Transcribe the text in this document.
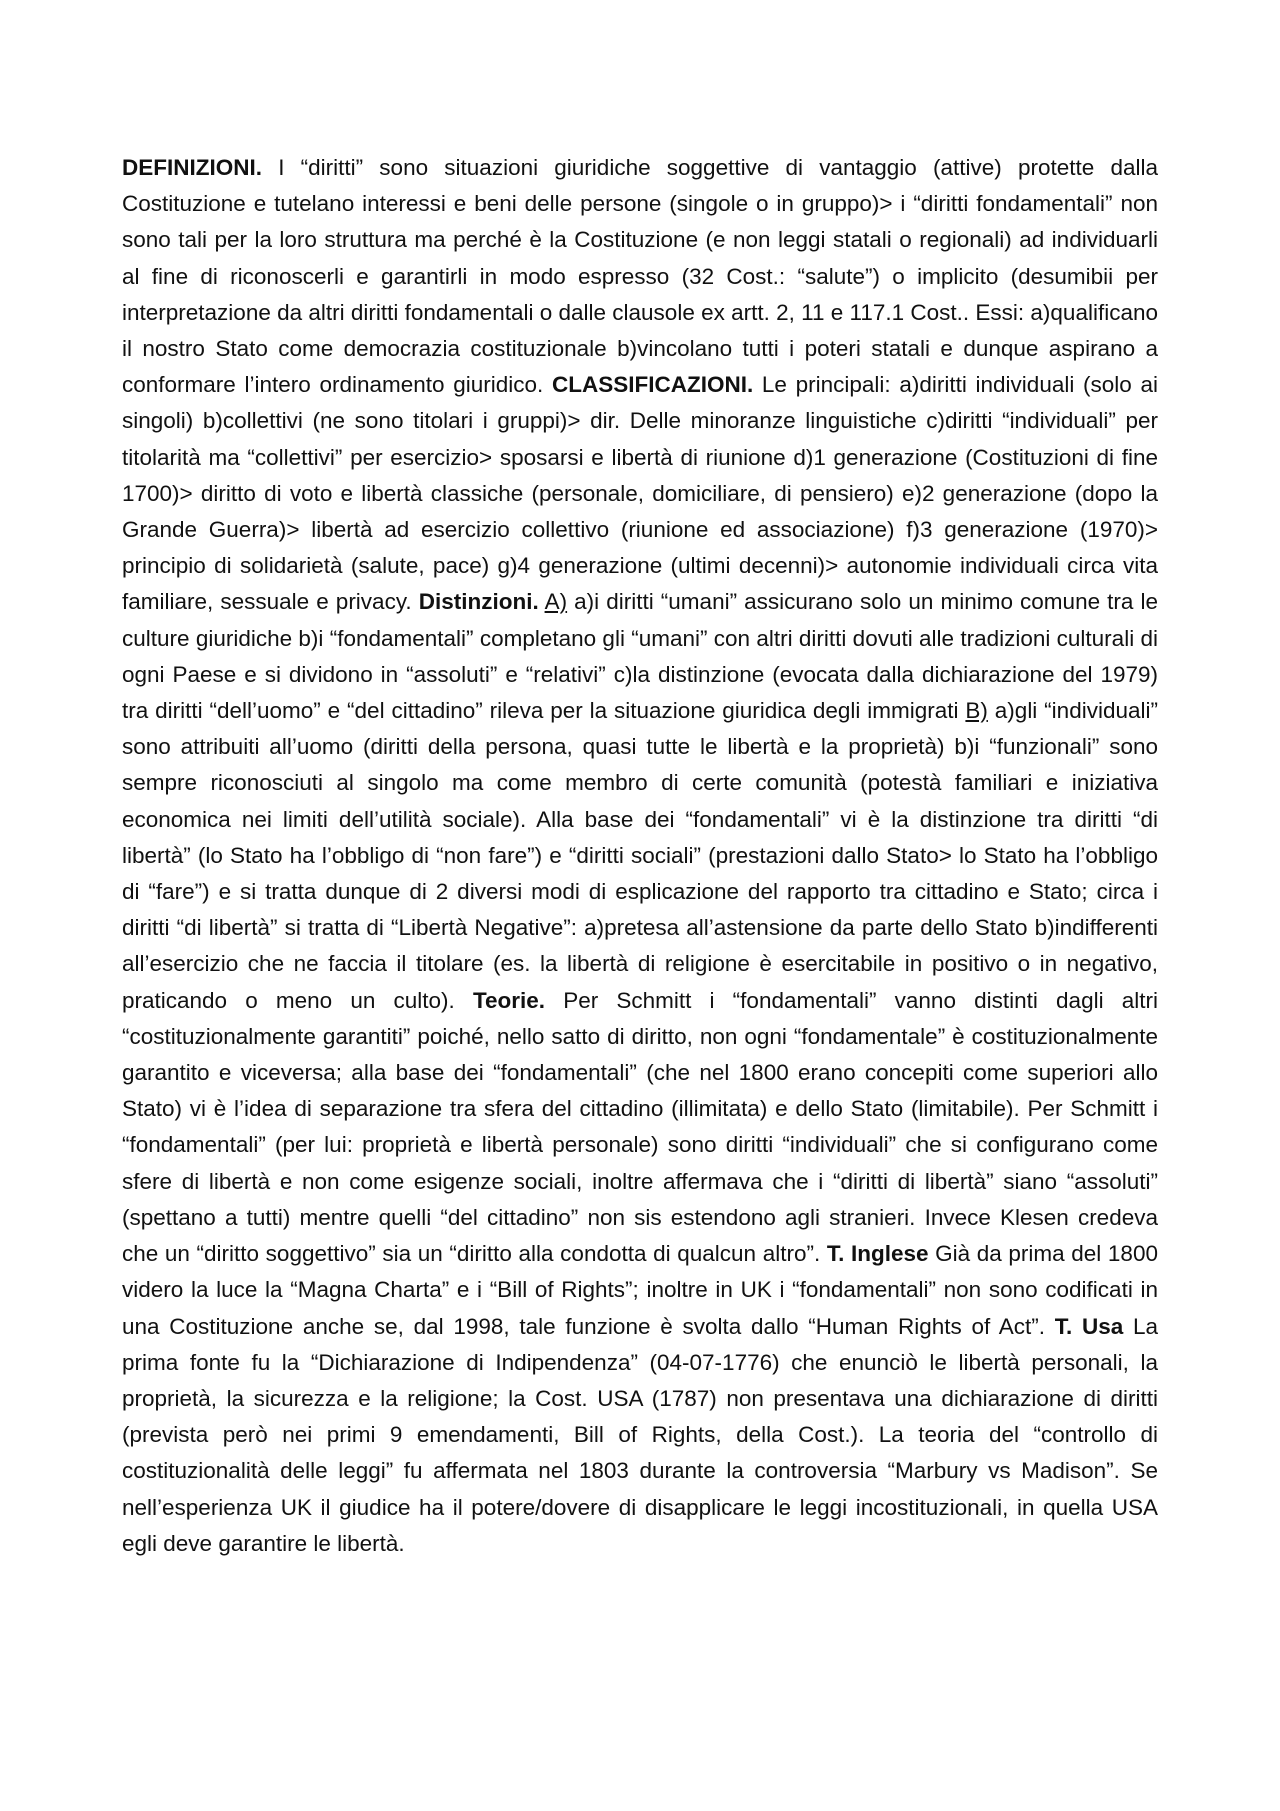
DEFINIZIONI. I “diritti” sono situazioni giuridiche soggettive di vantaggio (attive) protette dalla Costituzione e tutelano interessi e beni delle persone (singole o in gruppo)> i “diritti fondamentali” non sono tali per la loro struttura ma perché è la Costituzione (e non leggi statali o regionali) ad individuarli al fine di riconoscerli e garantirli in modo espresso (32 Cost.: “salute”) o implicito (desumibii per interpretazione da altri diritti fondamentali o dalle clausole ex artt. 2, 11 e 117.1 Cost.. Essi: a)qualificano il nostro Stato come democrazia costituzionale b)vincolano tutti i poteri statali e dunque aspirano a conformare l’intero ordinamento giuridico. CLASSIFICAZIONI. Le principali: a)diritti individuali (solo ai singoli) b)collettivi (ne sono titolari i gruppi)> dir. Delle minoranze linguistiche c)diritti “individuali” per titolarità ma “collettivi” per esercizio> sposarsi e libertà di riunione d)1 generazione (Costituzioni di fine 1700)> diritto di voto e libertà classiche (personale, domiciliare, di pensiero) e)2 generazione (dopo la Grande Guerra)> libertà ad esercizio collettivo (riunione ed associazione) f)3 generazione (1970)> principio di solidarietà (salute, pace) g)4 generazione (ultimi decenni)> autonomie individuali circa vita familiare, sessuale e privacy. Distinzioni. A) a)i diritti “umani” assicurano solo un minimo comune tra le culture giuridiche b)i “fondamentali” completano gli “umani” con altri diritti dovuti alle tradizioni culturali di ogni Paese e si dividono in “assoluti” e “relativi” c)la distinzione (evocata dalla dichiarazione del 1979) tra diritti “dell’uomo” e “del cittadino” rileva per la situazione giuridica degli immigrati B) a)gli “individuali” sono attribuiti all’uomo (diritti della persona, quasi tutte le libertà e la proprietà) b)i “funzionali” sono sempre riconosciuti al singolo ma come membro di certe comunità (potestà familiari e iniziativa economica nei limiti dell’utilità sociale). Alla base dei “fondamentali” vi è la distinzione tra diritti “di libertà” (lo Stato ha l’obbligo di “non fare”) e “diritti sociali” (prestazioni dallo Stato> lo Stato ha l’obbligo di “fare”) e si tratta dunque di 2 diversi modi di esplicazione del rapporto tra cittadino e Stato; circa i diritti “di libertà” si tratta di “Libertà Negative”: a)pretesa all’astensione da parte dello Stato b)indifferenti all’esercizio che ne faccia il titolare (es. la libertà di religione è esercitabile in positivo o in negativo, praticando o meno un culto). Teorie. Per Schmitt i “fondamentali” vanno distinti dagli altri “costituzionalmente garantiti” poiché, nello satto di diritto, non ogni “fondamentale” è costituzionalmente garantito e viceversa; alla base dei “fondamentali” (che nel 1800 erano concepiti come superiori allo Stato) vi è l’idea di separazione tra sfera del cittadino (illimitata) e dello Stato (limitabile). Per Schmitt i “fondamentali” (per lui: proprietà e libertà personale) sono diritti “individuali” che si configurano come sfere di libertà e non come esigenze sociali, inoltre affermava che i “diritti di libertà” siano “assoluti” (spettano a tutti) mentre quelli “del cittadino” non sis estendono agli stranieri. Invece Klesen credeva che un “diritto soggettivo” sia un “diritto alla condotta di qualcun altro”. T. Inglese Già da prima del 1800 videro la luce la “Magna Charta” e i “Bill of Rights”; inoltre in UK i “fondamentali” non sono codificati in una Costituzione anche se, dal 1998, tale funzione è svolta dallo “Human Rights of Act”. T. Usa La prima fonte fu la “Dichiarazione di Indipendenza” (04-07-1776) che enunciò le libertà personali, la proprietà, la sicurezza e la religione; la Cost. USA (1787) non presentava una dichiarazione di diritti (prevista però nei primi 9 emendamenti, Bill of Rights, della Cost.). La teoria del “controllo di costituzionalità delle leggi” fu affermata nel 1803 durante la controversia “Marbury vs Madison”. Se nell’esperienza UK il giudice ha il potere/dovere di disapplicare le leggi incostituzionali, in quella USA egli deve garantire le libertà.
